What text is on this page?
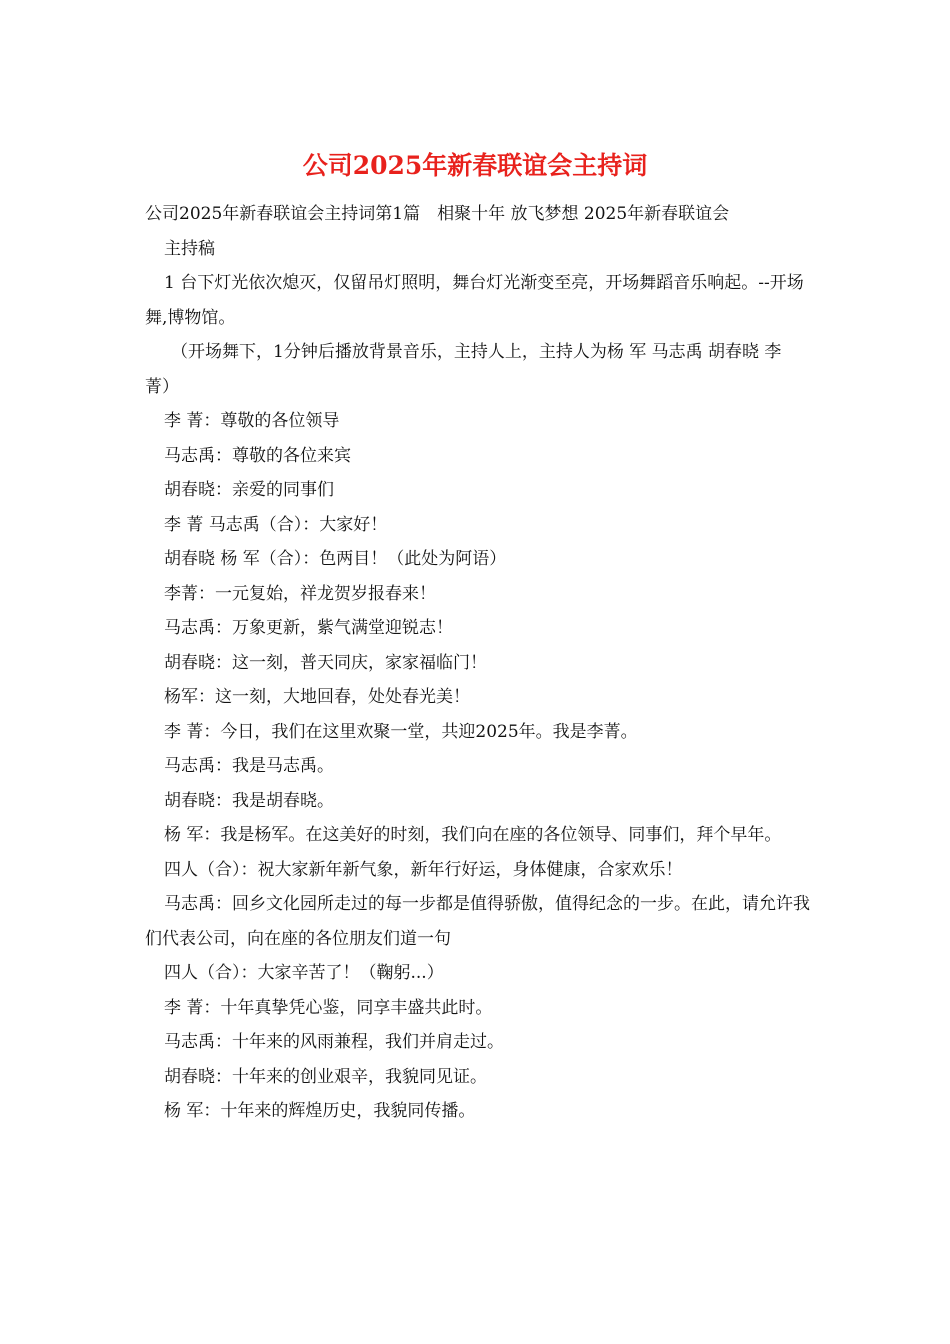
公司2025年新春联谊会主持词

公司2025年新春联谊会主持词第1篇　相聚十年 放飞梦想 2025年新春联谊会
主持稿

1 台下灯光依次熄灭，仅留吊灯照明，舞台灯光渐变至亮，开场舞蹈音乐响起。--开场舞,博物馆。

（开场舞下，1分钟后播放背景音乐，主持人上，主持人为杨 军 马志禹 胡春晓 李 菁）

李 菁：尊敬的各位领导

马志禹：尊敬的各位来宾

胡春晓：亲爱的同事们

李 菁 马志禹（合）：大家好！

胡春晓 杨 军（合）：色两目！（此处为阿语）

李菁：一元复始，祥龙贺岁报春来！

马志禹：万象更新，紫气满堂迎锐志！

胡春晓：这一刻，普天同庆，家家福临门！

杨军：这一刻，大地回春，处处春光美！

李 菁：今日，我们在这里欢聚一堂，共迎2025年。我是李菁。

马志禹：我是马志禹。

胡春晓：我是胡春晓。

杨 军：我是杨军。在这美好的时刻，我们向在座的各位领导、同事们，拜个早年。

四人（合）：祝大家新年新气象，新年行好运，身体健康，合家欢乐！

马志禹：回乡文化园所走过的每一步都是值得骄傲，值得纪念的一步。在此，请允许我们代表公司，向在座的各位朋友们道一句

四人（合）：大家辛苦了！（鞠躬...）

李 菁：十年真挚凭心鉴，同享丰盛共此时。

马志禹：十年来的风雨兼程，我们并肩走过。

胡春晓：十年来的创业艰辛，我貌同见证。

杨 军：十年来的辉煌历史，我貌同传播。
